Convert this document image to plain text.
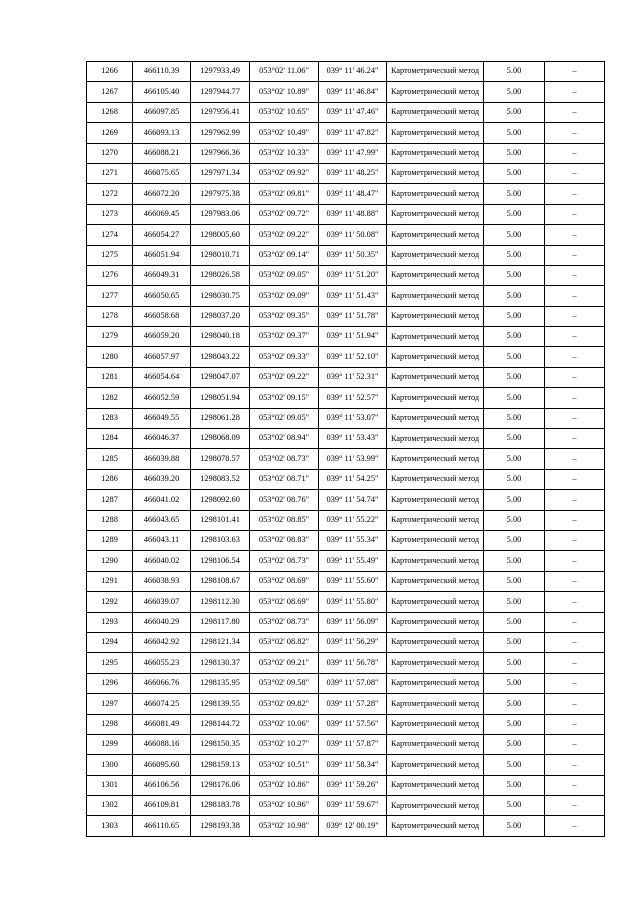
1266	466110.39	1297933.49	053°02' 11.06"	039° 11' 46.24"	Картометрический метод	5.00	–
1267	466105.40	1297944.77	053°02' 10.89"	039° 11' 46.84"	Картометрический метод	5.00	–
1268	466097.85	1297956.41	053°02' 10.65"	039° 11' 47.46"	Картометрический метод	5.00	–
1269	466093.13	1297962.99	053°02' 10.49"	039° 11' 47.82"	Картометрический метод	5.00	–
1270	466088.21	1297966.36	053°02' 10.33"	039° 11' 47.99"	Картометрический метод	5.00	–
1271	466075.65	1297971.34	053°02' 09.92"	039° 11' 48.25"	Картометрический метод	5.00	–
1272	466072.20	1297975.38	053°02' 09.81"	039° 11' 48.47"	Картометрический метод	5.00	–
1273	466069.45	1297983.06	053°02' 09.72"	039° 11' 48.88"	Картометрический метод	5.00	–
1274	466054.27	1298005.60	053°02' 09.22"	039° 11' 50.08"	Картометрический метод	5.00	–
1275	466051.94	1298010.71	053°02' 09.14"	039° 11' 50.35"	Картометрический метод	5.00	–
1276	466049.31	1298026.58	053°02' 09.05"	039° 11' 51.20"	Картометрический метод	5.00	–
1277	466050.65	1298030.75	053°02' 09.09"	039° 11' 51.43"	Картометрический метод	5.00	–
1278	466058.68	1298037.20	053°02' 09.35"	039° 11' 51.78"	Картометрический метод	5.00	–
1279	466059.20	1298040.18	053°02' 09.37"	039° 11' 51.94"	Картометрический метод	5.00	–
1280	466057.97	1298043.22	053°02' 09.33"	039° 11' 52.10"	Картометрический метод	5.00	–
1281	466054.64	1298047.07	053°02' 09.22"	039° 11' 52.31"	Картометрический метод	5.00	–
1282	466052.59	1298051.94	053°02' 09.15"	039° 11' 52.57"	Картометрический метод	5.00	–
1283	466049.55	1298061.28	053°02' 09.05"	039° 11' 53.07"	Картометрический метод	5.00	–
1284	466046.37	1298068.09	053°02' 08.94"	039° 11' 53.43"	Картометрический метод	5.00	–
1285	466039.88	1298078.57	053°02' 08.73"	039° 11' 53.99"	Картометрический метод	5.00	–
1286	466039.20	1298083.52	053°02' 08.71"	039° 11' 54.25"	Картометрический метод	5.00	–
1287	466041.02	1298092.60	053°02' 08.76"	039° 11' 54.74"	Картометрический метод	5.00	–
1288	466043.65	1298101.41	053°02' 08.85"	039° 11' 55.22"	Картометрический метод	5.00	–
1289	466043.11	1298103.63	053°02' 08.83"	039° 11' 55.34"	Картометрический метод	5.00	–
1290	466040.02	1298106.54	053°02' 08.73"	039° 11' 55.49"	Картометрический метод	5.00	–
1291	466038.93	1298108.67	053°02' 08.69"	039° 11' 55.60"	Картометрический метод	5.00	–
1292	466039.07	1298112.30	053°02' 08.69"	039° 11' 55.80"	Картометрический метод	5.00	–
1293	466040.29	1298117.80	053°02' 08.73"	039° 11' 56.09"	Картометрический метод	5.00	–
1294	466042.92	1298121.34	053°02' 08.82"	039° 11' 56.29"	Картометрический метод	5.00	–
1295	466055.23	1298130.37	053°02' 09.21"	039° 11' 56.78"	Картометрический метод	5.00	–
1296	466066.76	1298135.95	053°02' 09.58"	039° 11' 57.08"	Картометрический метод	5.00	–
1297	466074.25	1298139.55	053°02' 09.82"	039° 11' 57.28"	Картометрический метод	5.00	–
1298	466081.49	1298144.72	053°02' 10.06"	039° 11' 57.56"	Картометрический метод	5.00	–
1299	466088.16	1298150.35	053°02' 10.27"	039° 11' 57.87"	Картометрический метод	5.00	–
1300	466095.60	1298159.13	053°02' 10.51"	039° 11' 58.34"	Картометрический метод	5.00	–
1301	466106.56	1298176.06	053°02' 10.86"	039° 11' 59.26"	Картометрический метод	5.00	–
1302	466109.81	1298183.78	053°02' 10.96"	039° 11' 59.67"	Картометрический метод	5.00	–
1303	466110.65	1298193.38	053°02' 10.98"	039° 12' 00.19"	Картометрический метод	5.00	–
